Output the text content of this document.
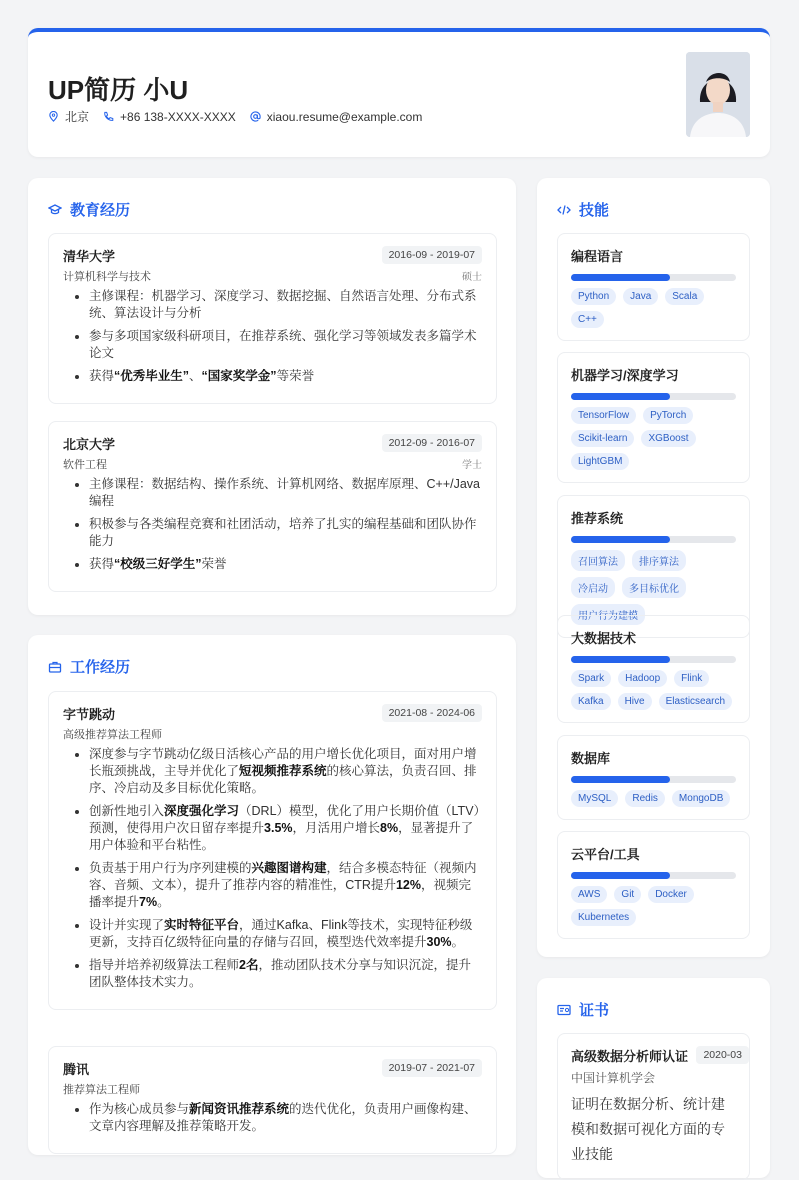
UP简历 小U
北京	+86 138-XXXX-XXXX	xiaou.resume@example.com
教育经历
清华大学
计算机科学与技术
2016-09 - 2019-07
硕士
• 主修课程：机器学习、深度学习、数据挖掘、自然语言处理、分布式系统、算法设计与分析
• 参与多项国家级科研项目，在推荐系统、强化学习等领域发表多篇学术论文
• 获得“优秀毕业生”、“国家奖学金”等荣誉
北京大学
软件工程
2012-09 - 2016-07
学士
• 主修课程：数据结构、操作系统、计算机网络、数据库原理、C++/Java编程
• 积极参与各类编程竞赛和社团活动，培养了扎实的编程基础和团队协作能力
• 获得“校级三好学生”荣誉
工作经历
字节跳动
高级推荐算法工程师
2021-08 - 2024-06
• 深度参与字节跳动亿级日活核心产品的用户增长优化项目，面对用户增长瓶颈挑战，主导并优化了短视频推荐系统的核心算法，负责召回、排序、冷启动及多目标优化策略。
• 创新性地引入深度强化学习（DRL）模型，优化了用户长期价值（LTV）预测，使得用户次日留存率提升3.5%，月活用户增长8%，显著提升了用户体验和平台粘性。
• 负责基于用户行为序列建模的兴趣图谱构建，结合多模态特征（视频内容、音频、文本），提升了推荐内容的精准性，CTR提升12%，视频完播率提升7%。
• 设计并实现了实时特征平台，通过Kafka、Flink等技术，实现特征秒级更新，支持百亿级特征向量的存储与召回，模型迭代效率提升30%。
• 指导并培养初级算法工程师2名，推动团队技术分享与知识沉淀，提升团队整体技术实力。
腾讯
推荐算法工程师
2019-07 - 2021-07
• 作为核心成员参与新闻资讯推荐系统的迭代优化，负责用户画像构建、文章内容理解及推荐策略开发。
技能
编程语言
Python	Java	Scala
C++
机器学习/深度学习
TensorFlow	PyTorch
Scikit-learn	XGBoost
LightGBM
推荐系统
召回算法	排序算法
冷启动	多目标优化
用户行为建模
大数据技术
Spark	Hadoop	Flink
Kafka	Hive	Elasticsearch
数据库
MySQL	Redis	MongoDB
云平台/工具
AWS	Git	Docker
Kubernetes
证书
高级数据分析师认证	2020-03
中国计算机学会
证明在数据分析、统计建模和数据可视化方面的专业技能
